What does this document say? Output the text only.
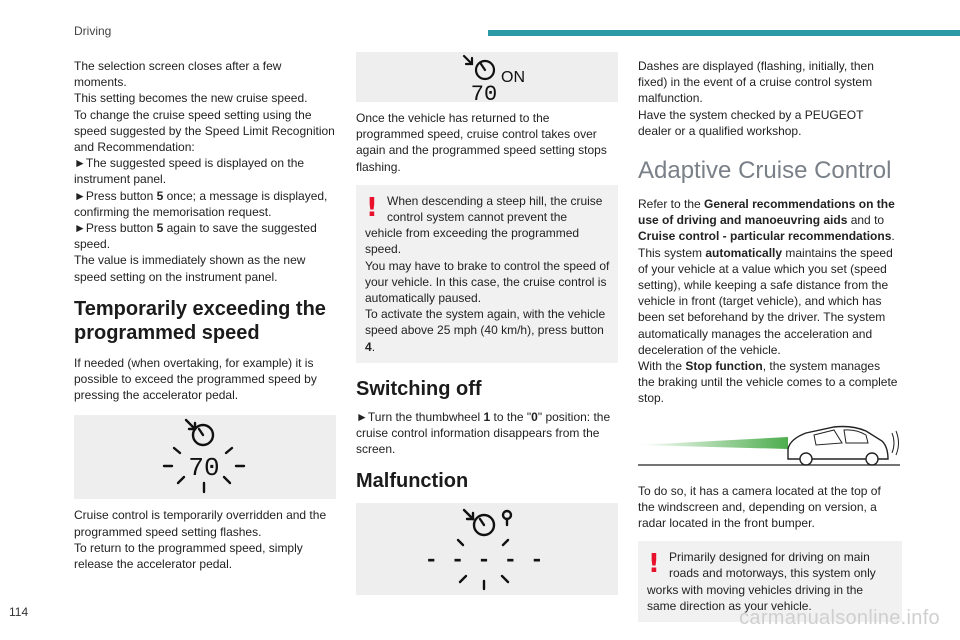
Driving

The selection screen closes after a few

moments.

This setting becomes the new cruise speed.

To change the cruise speed setting using the

speed suggested by the Speed Limit Recognition

and Recommendation:

► The suggested speed is displayed on the

instrument panel.

► Press button 5 once; a message is displayed,

confirming the memorisation request.

► Press button 5 again to save the suggested

speed.

The value is immediately shown as the new

speed setting on the instrument panel.

Temporarily exceeding the

programmed speed

If needed (when overtaking, for example) it is

possible to exceed the programmed speed by

pressing the accelerator pedal.

70

Cruise control is temporarily overridden and the

programmed speed setting flashes.

To return to the programmed speed, simply

release the accelerator pedal.

ON
70

Once the vehicle has returned to the

programmed speed, cruise control takes over

again and the programmed speed setting stops

flashing.

! When descending a steep hill, the cruise
control system cannot prevent the
vehicle from exceeding the programmed
speed.
You may have to brake to control the speed of
your vehicle. In this case, the cruise control is
automatically paused.
To activate the system again, with the vehicle
speed above 25 mph (40 km/h), press button
4.

Switching off

► Turn the thumbwheel 1 to the "0" position: the

cruise control information disappears from the

screen.

Malfunction

- - - - -

Dashes are displayed (flashing, initially, then

fixed) in the event of a cruise control system

malfunction.

Have the system checked by a PEUGEOT

dealer or a qualified workshop.

Adaptive Cruise Control

Refer to the General recommendations on the

use of driving and manoeuvring aids and to

Cruise control - particular recommendations.

This system automatically maintains the speed

of your vehicle at a value which you set (speed

setting), while keeping a safe distance from the

vehicle in front (target vehicle), and which has

been set beforehand by the driver. The system

automatically manages the acceleration and

deceleration of the vehicle.

With the Stop function, the system manages

the braking until the vehicle comes to a complete

stop.

To do so, it has a camera located at the top of

the windscreen and, depending on version, a

radar located in the front bumper.

! Primarily designed for driving on main
roads and motorways, this system only
works with moving vehicles driving in the
same direction as your vehicle.
114	carmanualsonline.info
